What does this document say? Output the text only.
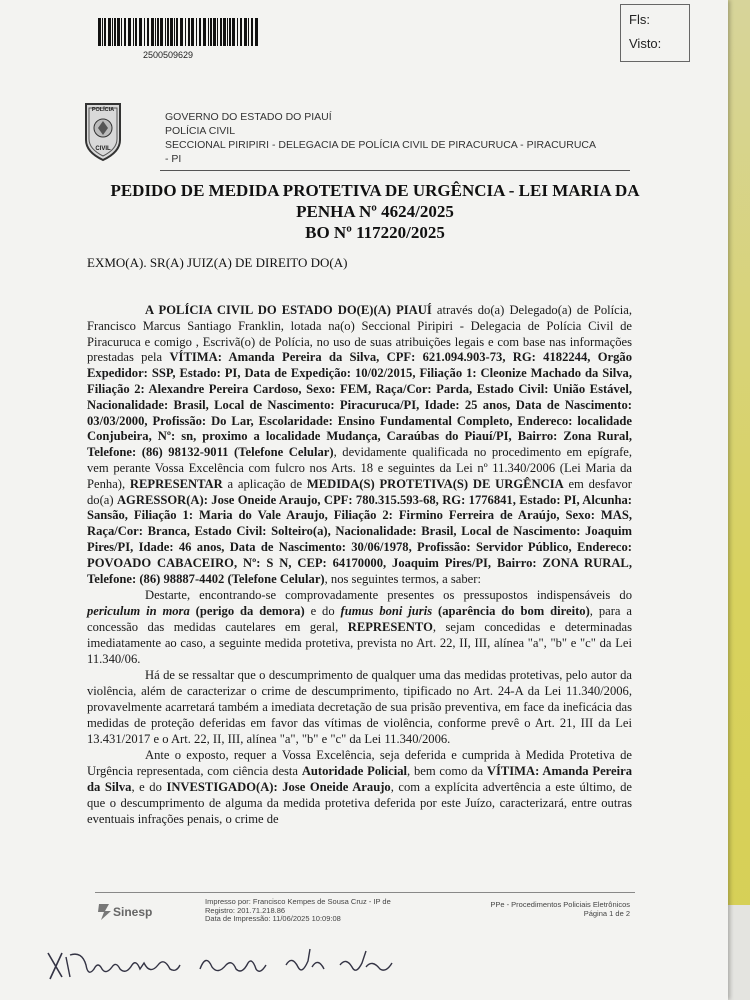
2500509629
Fls:
Visto:
POLÍCIA
CIVIL
GOVERNO DO ESTADO DO PIAUÍ
POLÍCIA CIVIL
SECCIONAL PIRIPIRI - DELEGACIA DE POLÍCIA CIVIL DE PIRACURUCA - PIRACURUCA
- PI
PEDIDO DE MEDIDA PROTETIVA DE URGÊNCIA - LEI MARIA DA
PENHA Nº 4624/2025
BO Nº 117220/2025
EXMO(A). SR(A) JUIZ(A) DE DIREITO DO(A)

A POLÍCIA CIVIL DO ESTADO DO(E)(A) PIAUÍ através do(a) Delegado(a) de Polícia, Francisco Marcus Santiago Franklin, lotada na(o) Seccional Piripiri - Delegacia de Polícia Civil de Piracuruca e comigo , Escrivã(o) de Polícia, no uso de suas atribuições legais e com base nas informações prestadas pela VÍTIMA: Amanda Pereira da Silva, CPF: 621.094.903-73, RG: 4182244, Orgão Expedidor: SSP, Estado: PI, Data de Expedição: 10/02/2015, Filiação 1: Cleonize Machado da Silva, Filiação 2: Alexandre Pereira Cardoso, Sexo: FEM, Raça/Cor: Parda, Estado Civil: União Estável, Nacionalidade: Brasil, Local de Nascimento: Piracuruca/PI, Idade: 25 anos, Data de Nascimento: 03/03/2000, Profissão: Do Lar, Escolaridade: Ensino Fundamental Completo, Endereco: localidade Conjubeira, Nº: sn, proximo a localidade Mudança, Caraúbas do Piauí/PI, Bairro: Zona Rural, Telefone: (86) 98132-9011 (Telefone Celular), devidamente qualificada no procedimento em epígrafe, vem perante Vossa Excelência com fulcro nos Arts. 18 e seguintes da Lei nº 11.340/2006 (Lei Maria da Penha), REPRESENTAR a aplicação de MEDIDA(S) PROTETIVA(S) DE URGÊNCIA em desfavor do(a) AGRESSOR(A): Jose Oneide Araujo, CPF: 780.315.593-68, RG: 1776841, Estado: PI, Alcunha: Sansão, Filiação 1: Maria do Vale Araujo, Filiação 2: Firmino Ferreira de Araújo, Sexo: MAS, Raça/Cor: Branca, Estado Civil: Solteiro(a), Nacionalidade: Brasil, Local de Nascimento: Joaquim Pires/PI, Idade: 46 anos, Data de Nascimento: 30/06/1978, Profissão: Servidor Público, Endereco: POVOADO CABACEIRO, Nº: S N, CEP: 64170000, Joaquim Pires/PI, Bairro: ZONA RURAL, Telefone: (86) 98887-4402 (Telefone Celular), nos seguintes termos, a saber:

Destarte, encontrando-se comprovadamente presentes os pressupostos indispensáveis do periculum in mora (perigo da demora) e do fumus boni juris (aparência do bom direito), para a concessão das medidas cautelares em geral, REPRESENTO, sejam concedidas e determinadas imediatamente ao caso, a seguinte medida protetiva, prevista no Art. 22, II, III, alínea "a", "b" e "c" da Lei 11.340/06.

Há de se ressaltar que o descumprimento de qualquer uma das medidas protetivas, pelo autor da violência, além de caracterizar o crime de descumprimento, tipificado no Art. 24-A da Lei 11.340/2006, provavelmente acarretará também a imediata decretação de sua prisão preventiva, em face da ineficácia das medidas de proteção deferidas em favor das vítimas de violência, conforme prevê o Art. 21, III da Lei 13.431/2017 e o Art. 22, II, III, alínea "a", "b" e "c" da Lei 11.340/2006.

Ante o exposto, requer a Vossa Excelência, seja deferida e cumprida à Medida Protetiva de Urgência representada, com ciência desta Autoridade Policial, bem como da VÍTIMA: Amanda Pereira da Silva, e do INVESTIGADO(A): Jose Oneide Araujo, com a explícita advertência a este último, de que o descumprimento de alguma da medida protetiva deferida por este Juízo, caracterizará, entre outras eventuais infrações penais, o crime de

Sinesp
Impresso por: Francisco Kempes de Sousa Cruz - IP de
Registro: 201.71.218.86
Data de Impressão: 11/06/2025 10:09:08
PPe - Procedimentos Policiais Eletrônicos
Página 1 de 2
